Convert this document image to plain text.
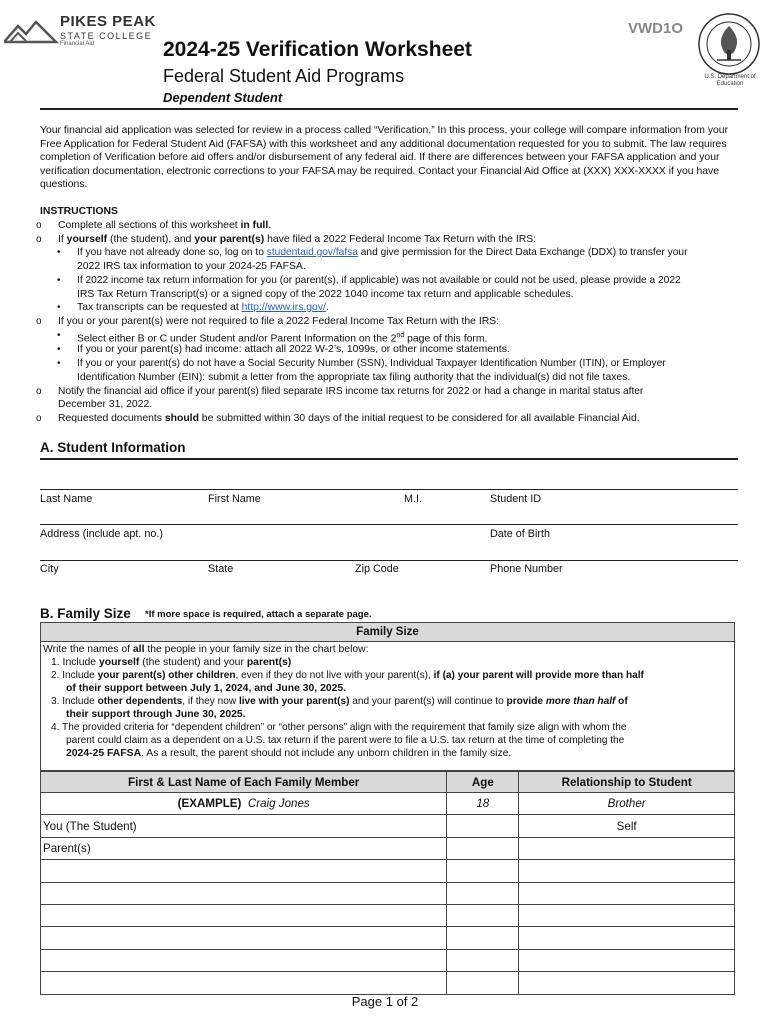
PIKES PEAK
STATE COLLEGE
Financial Aid
VWD1O
U.S. Department of Education
2024-25 Verification Worksheet
Federal Student Aid Programs
Dependent Student
Your financial aid application was selected for review in a process called “Verification.” In this process, your college will compare information from your Free Application for Federal Student Aid (FAFSA) with this worksheet and any additional documentation requested for you to submit. The law requires completion of Verification before aid offers and/or disbursement of any federal aid. If there are differences between your FAFSA application and your verification documentation, electronic corrections to your FAFSA may be required. Contact your Financial Aid Office at (XXX) XXX-XXXX if you have questions.
INSTRUCTIONS
o Complete all sections of this worksheet in full.
o If yourself (the student), and your parent(s) have filed a 2022 Federal Income Tax Return with the IRS:
• If you have not already done so, log on to studentaid.gov/fafsa and give permission for the Direct Data Exchange (DDX) to transfer your
2022 IRS tax information to your 2024-25 FAFSA.
• If 2022 income tax return information for you (or parent(s), if applicable) was not available or could not be used, please provide a 2022
IRS Tax Return Transcript(s) or a signed copy of the 2022 1040 income tax return and applicable schedules.
• Tax transcripts can be requested at http://www.irs.gov/.
o If you or your parent(s) were not required to file a 2022 Federal Income Tax Return with the IRS:
• Select either B or C under Student and/or Parent Information on the 2nd page of this form.
• If you or your parent(s) had income: attach all 2022 W-2’s, 1099s, or other income statements.
• If you or your parent(s) do not have a Social Security Number (SSN), Individual Taxpayer Identification Number (ITIN), or Employer
Identification Number (EIN): submit a letter from the appropriate tax filing authority that the individual(s) did not file taxes.
o Notify the financial aid office if your parent(s) filed separate IRS income tax returns for 2022 or had a change in marital status after
December 31, 2022.
o Requested documents should be submitted within 30 days of the initial request to be considered for all available Financial Aid.
A. Student Information
Last Name	First Name	M.I.	Student ID
Address (include apt. no.)	Date of Birth
City	State	Zip Code	Phone Number
B. Family Size *If more space is required, attach a separate page.
Family Size
Write the names of all the people in your family size in the chart below:
1. Include yourself (the student) and your parent(s)
2. Include your parent(s) other children, even if they do not live with your parent(s), if (a) your parent will provide more than half
of their support between July 1, 2024, and June 30, 2025.
3. Include other dependents, if they now live with your parent(s) and your parent(s) will continue to provide more than half of
their support through June 30, 2025.
4. The provided criteria for “dependent children” or “other persons” align with the requirement that family size align with whom the
parent could claim as a dependent on a U.S. tax return if the parent were to file a U.S. tax return at the time of completing the
2024-25 FAFSA. As a result, the parent should not include any unborn children in the family size.
First & Last Name of Each Family Member	Age	Relationship to Student
(EXAMPLE) Craig Jones	18	Brother
You (The Student)		Self
Parent(s)		

Page 1 of 2
